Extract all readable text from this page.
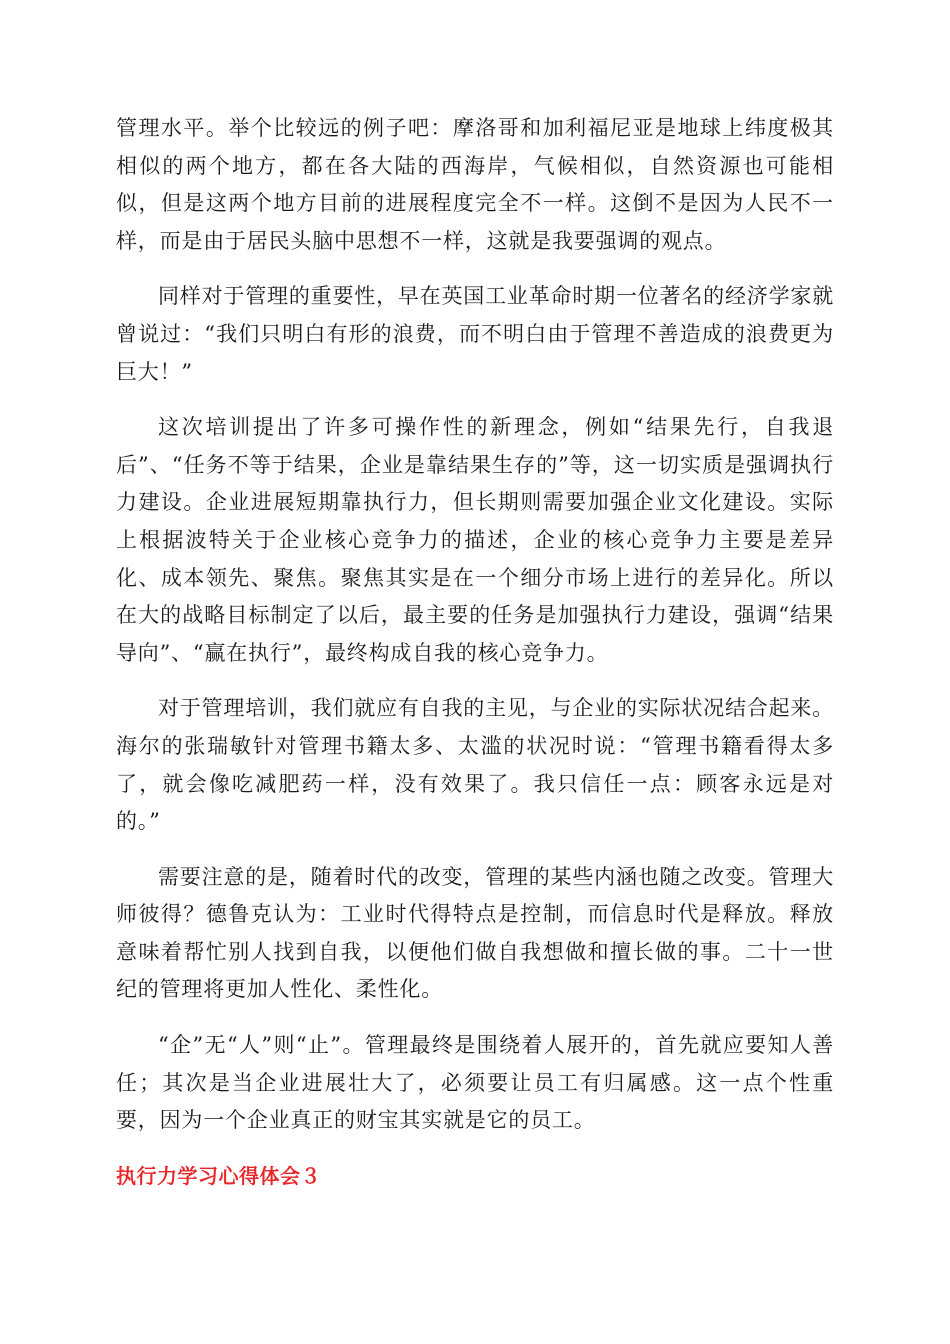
管理水平。举个比较远的例子吧：摩洛哥和加利福尼亚是地球上纬度极其相似的两个地方，都在各大陆的西海岸，气候相似，自然资源也可能相似，但是这两个地方目前的进展程度完全不一样。这倒不是因为人民不一样，而是由于居民头脑中思想不一样，这就是我要强调的观点。

同样对于管理的重要性，早在英国工业革命时期一位著名的经济学家就曾说过：“我们只明白有形的浪费，而不明白由于管理不善造成的浪费更为巨大！”

这次培训提出了许多可操作性的新理念，例如“结果先行，自我退后”、“任务不等于结果，企业是靠结果生存的”等，这一切实质是强调执行力建设。企业进展短期靠执行力，但长期则需要加强企业文化建设。实际上根据波特关于企业核心竞争力的描述，企业的核心竞争力主要是差异化、成本领先、聚焦。聚焦其实是在一个细分市场上进行的差异化。所以在大的战略目标制定了以后，最主要的任务是加强执行力建设，强调“结果导向”、“赢在执行”，最终构成自我的核心竞争力。

对于管理培训，我们就应有自我的主见，与企业的实际状况结合起来。海尔的张瑞敏针对管理书籍太多、太滥的状况时说：“管理书籍看得太多了，就会像吃减肥药一样，没有效果了。我只信任一点：顾客永远是对的。”

需要注意的是，随着时代的改变，管理的某些内涵也随之改变。管理大师彼得？德鲁克认为：工业时代得特点是控制，而信息时代是释放。释放意味着帮忙别人找到自我，以便他们做自我想做和擅长做的事。二十一世纪的管理将更加人性化、柔性化。

“企”无“人”则“止”。管理最终是围绕着人展开的，首先就应要知人善任；其次是当企业进展壮大了，必须要让员工有归属感。这一点个性重要，因为一个企业真正的财宝其实就是它的员工。

执行力学习心得体会３
